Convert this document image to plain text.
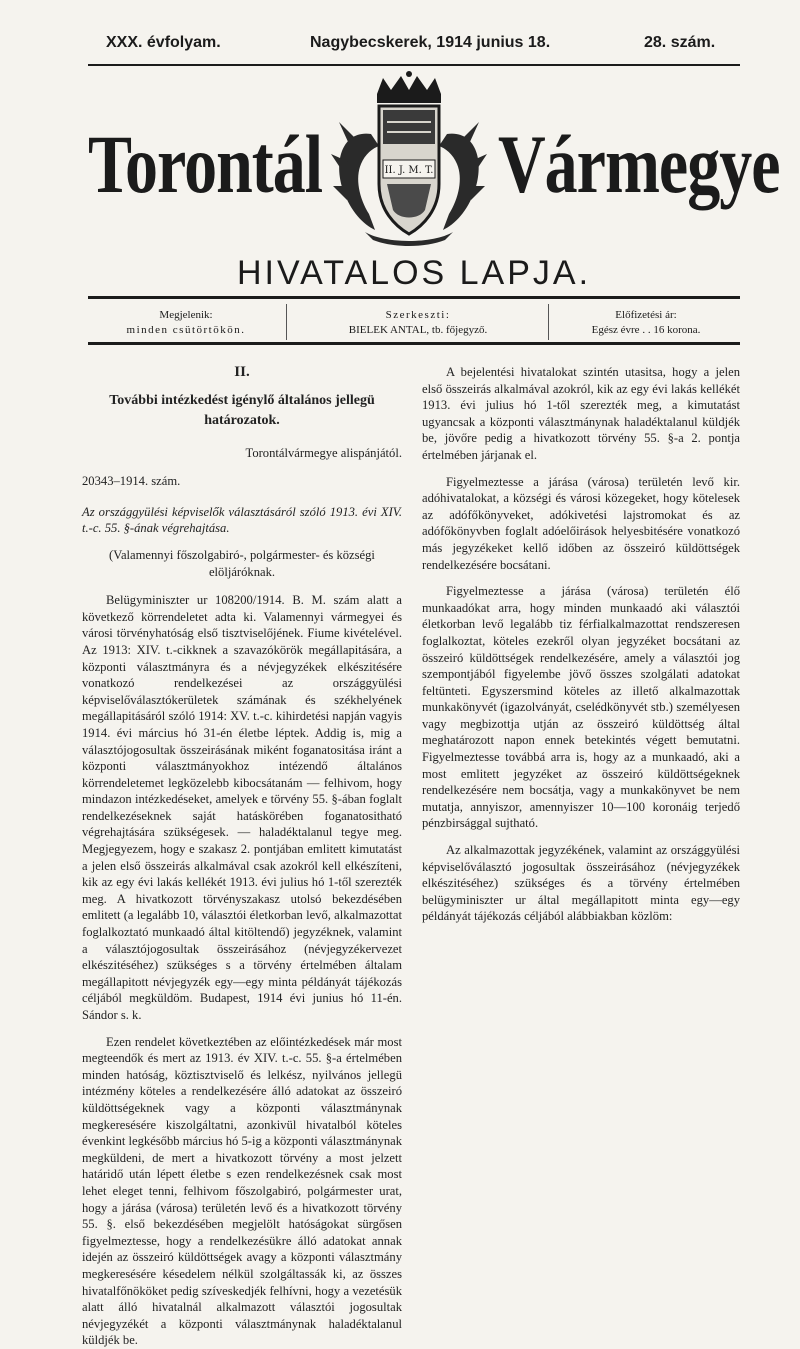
XXX. évfolyam.	Nagybecskerek, 1914 junius 18.	28. szám.
Torontál	Vármegye
II. J. M. T.
HIVATALOS LAPJA.
Megjelenik:
minden csütörtökön.
Szerkeszti:
BIELEK ANTAL, tb. főjegyző.
Előfizetési ár:
Egész évre . . 16 korona.

II.

További intézkedést igénylő általános jellegü határozatok.

Torontálvármegye alispánjától.

20343–1914. szám.

Az országgyülési képviselők választásáról szóló 1913. évi XIV. t.-c. 55. §-ának végrehajtása.

(Valamennyi főszolgabiró-, polgármester- és községi elöljáróknak.

Belügyminiszter ur 108200/1914. B. M. szám alatt a következő körrendeletet adta ki. Valamennyi vármegyei és városi törvényhatóság első tisztviselőjének. Fiume kivételével. Az 1913: XIV. t.-cikknek a szavazókörök megállapitására, a központi választmányra és a névjegyzékek elkészitésére vonatkozó rendelkezései az országgyülési képviselőválasztókerületek számának és székhelyének megállapitásáról szóló 1914: XV. t.-c. kihirdetési napján vagyis 1914. évi március hó 31-én életbe léptek. Addig is, mig a választójogosultak összeirásának miként foganatositása iránt a központi választmányokhoz intézendő általános körrendeletemet legközelebb kibocsátanám — felhivom, hogy mindazon intézkedéseket, amelyek e törvény 55. §-ában foglalt rendelkezéseknek saját hatáskörében foganatositható végrehajtására szükségesek. — haladéktalanul tegye meg. Megjegyezem, hogy e szakasz 2. pontjában emlitett kimutatást a jelen első összeirás alkalmával csak azokról kell elkészíteni, kik az egy évi lakás kellékét 1913. évi julius hó 1-től szerezték meg. A hivatkozott törvényszakasz utolsó bekezdésében emlitett (a legalább 10, választói életkorban levő, alkalmazottat foglalkoztató munkaadó által kitöltendő) jegyzéknek, valamint a választójogosultak összeirásához (névjegyzékervezet elkészitéséhez) szükséges s a törvény értelmében általam megállapitott névjegyzék egy—egy minta példányát tájékozás céljából megküldöm. Budapest, 1914 évi junius hó 11-én. Sándor s. k.

Ezen rendelet következtében az előintézkedések már most megteendők és mert az 1913. év XIV. t.-c. 55. §-a értelmében minden hatóság, köztisztviselő és lelkész, nyilvános jellegü intézmény köteles a rendelkezésére álló adatokat az összeiró küldöttségeknek vagy a központi választmánynak megkeresésére kiszolgáltatni, azonkivül hivatalból köteles évenkint legkésőbb március hó 5-ig a központi választmánynak megküldeni, de mert a hivatkozott törvény a most jelzett határidő után lépett életbe s ezen rendelkezésnek csak most lehet eleget tenni, felhivom főszolgabiró, polgármester urat, hogy a járása (városa) területén levő és a hivatkozott törvény 55. §. első bekezdésében megjelölt hatóságokat sürgősen figyelmeztesse, hogy a rendelkezésükre álló adatokat annak idején az összeiró küldöttségek avagy a központi választmány megkeresésére késedelem nélkül szolgáltassák ki, az összes hivatalfőnököket pedig szíveskedjék felhívni, hogy a vezetésük alatt álló hivatalnál alkalmazott választói jogosultak névjegyzékét a központi választmánynak haladéktalanul küldjék be.

A bejelentési hivatalokat szintén utasitsa, hogy a jelen első összeirás alkalmával azokról, kik az egy évi lakás kellékét 1913. évi julius hó 1-től szerezték meg, a kimutatást ugyancsak a központi választmánynak haladéktalanul küldjék be, jövőre pedig a hivatkozott törvény 55. §-a 2. pontja értelmében járjanak el.

Figyelmeztesse a járása (városa) területén levő kir. adóhivatalokat, a községi és városi közegeket, hogy kötelesek az adófőkönyveket, adókivetési lajstromokat és az adófőkönyvben foglalt adóelőirások helyesbitésére vonatkozó más jegyzékeket kellő időben az összeiró küldöttségek rendelkezésére bocsátani.

Figyelmeztesse a járása (városa) területén élő munkaadókat arra, hogy minden munkaadó aki választói életkorban levő legalább tiz férfialkalmazottat rendszeresen foglalkoztat, köteles ezekről olyan jegyzéket bocsátani az összeiró küldöttségek rendelkezésére, amely a választói jog szempontjából figyelembe jövő összes szolgálati adatokat feltünteti. Egyszersmind köteles az illető alkalmazottak munkakönyvét (igazolványát, cselédkönyvét stb.) személyesen vagy megbizottja utján az összeiró küldöttség által meghatározott napon ennek betekintés végett bemutatni. Figyelmeztesse továbbá arra is, hogy az a munkaadó, aki a most emlitett jegyzéket az összeiró küldöttségeknek rendelkezésére nem bocsátja, vagy a munkakönyvet be nem mutatja, annyiszor, amennyiszer 10—100 koronáig terjedő pénzbirsággal sujtható.

Az alkalmazottak jegyzékének, valamint az országgyülési képviselőválasztó jogosultak összeirásához (névjegyzékek elkészitéséhez) szükséges és a törvény értelmében belügyminiszter ur által megállapitott minta egy—egy példányát tájékozás céljából alábbiakban közlöm:
